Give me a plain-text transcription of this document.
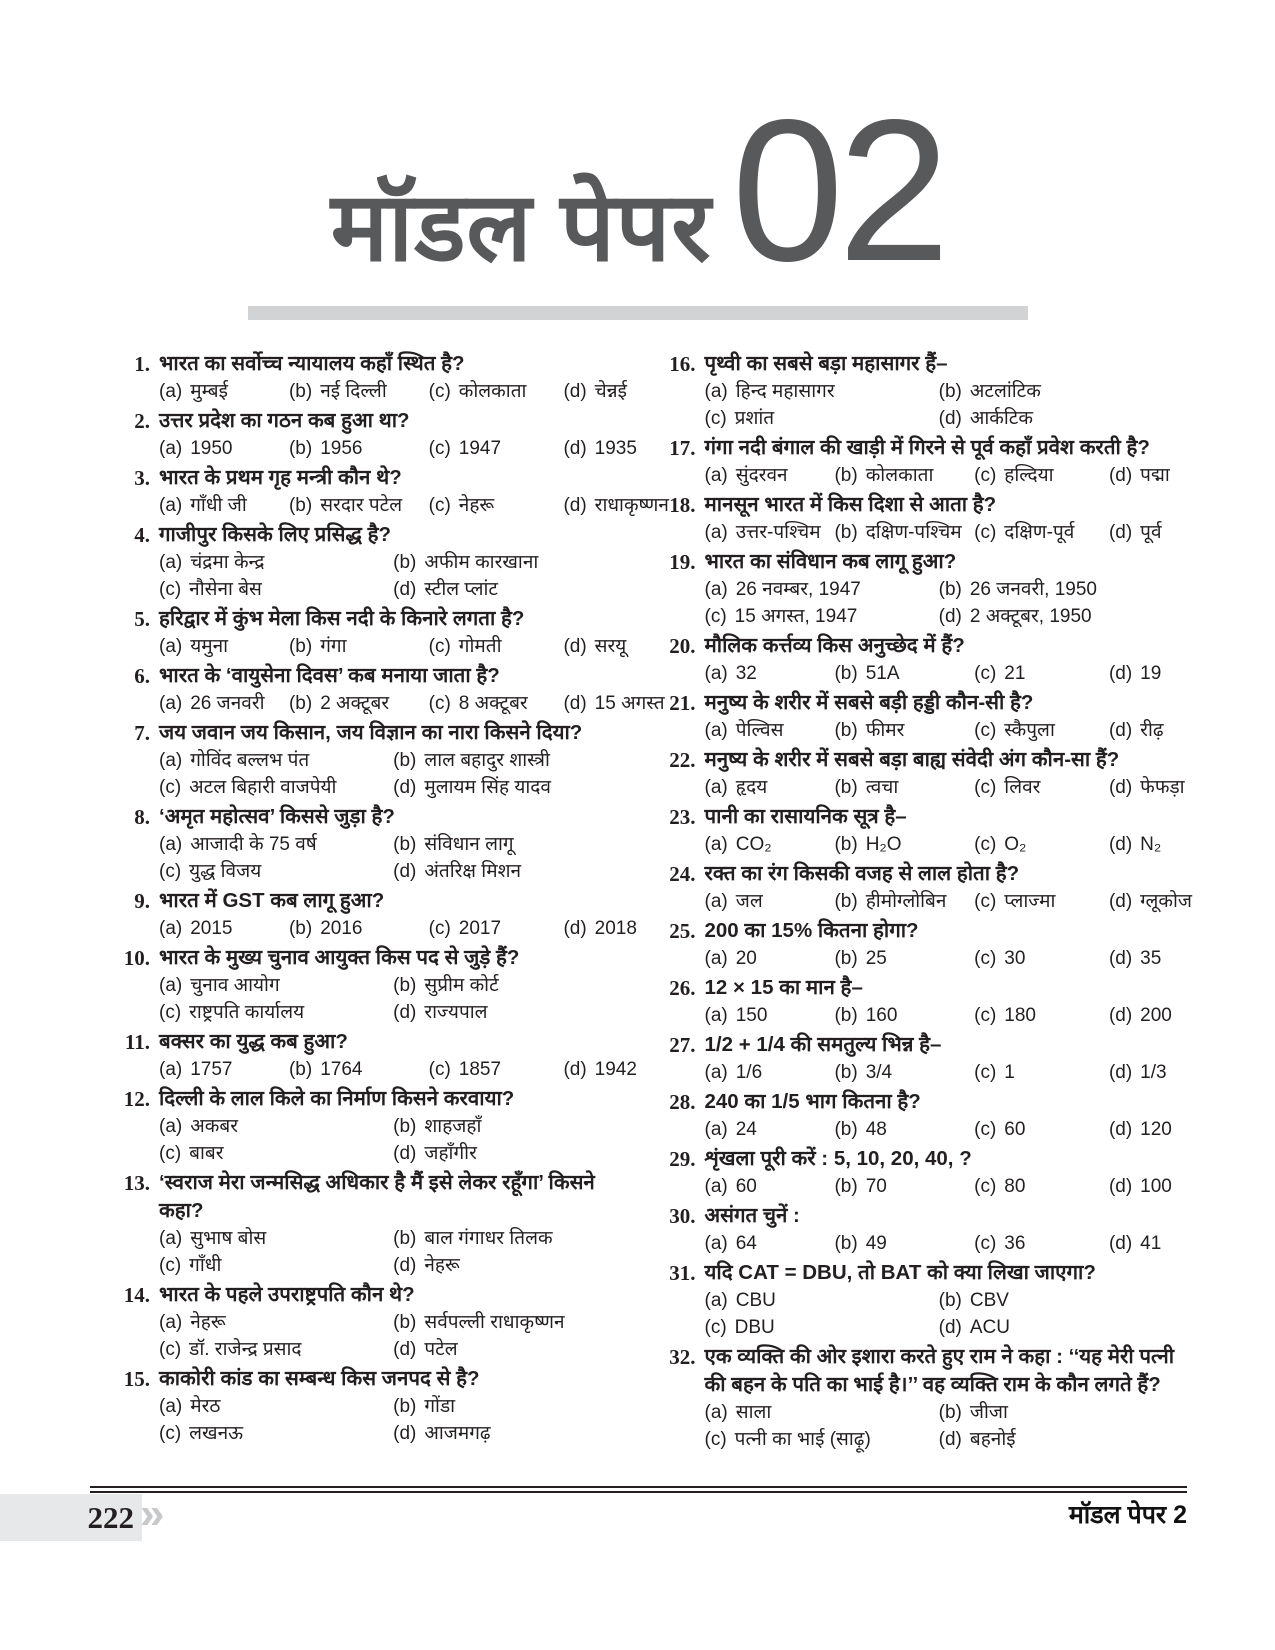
मॉडल पेपर 02
1. भारत का सर्वोच्च न्यायालय कहाँ स्थित है?
(a) मुम्बई	(b) नई दिल्ली (c) कोलकाता (d) चेन्नई
2. उत्तर प्रदेश का गठन कब हुआ था?
(a) 1950	(b) 1956	(c) 1947	(d) 1935
3. भारत के प्रथम गृह मन्त्री कौन थे?
(a) गाँधी जी (b) सरदार पटेल (c) नेहरू	(d) राधाकृष्णन
4. गाजीपुर किसके लिए प्रसिद्ध है?
(a) चंद्रमा केन्द्र	(b) अफीम कारखाना
(c) नौसेना बेस	(d) स्टील प्लांट
5. हरिद्वार में कुंभ मेला किस नदी के किनारे लगता है?
(a) यमुना	(b) गंगा	(c) गोमती	(d) सरयू
6. भारत के ‘वायुसेना दिवस’ कब मनाया जाता है?
(a) 26 जनवरी (b) 2 अक्टूबर (c) 8 अक्टूबर (d) 15 अगस्त
7. जय जवान जय किसान, जय विज्ञान का नारा किसने दिया?
(a) गोविंद बल्लभ पंत	(b) लाल बहादुर शास्त्री
(c) अटल बिहारी वाजपेयी	(d) मुलायम सिंह यादव
8. ‘अमृत महोत्सव’ किससे जुड़ा है?
(a) आजादी के 75 वर्ष	(b) संविधान लागू
(c) युद्ध विजय	(d) अंतरिक्ष मिशन
9. भारत में GST कब लागू हुआ?
(a) 2015	(b) 2016	(c) 2017	(d) 2018
10. भारत के मुख्य चुनाव आयुक्त किस पद से जुड़े हैं?
(a) चुनाव आयोग	(b) सुप्रीम कोर्ट
(c) राष्ट्रपति कार्यालय	(d) राज्यपाल
11. बक्सर का युद्ध कब हुआ?
(a) 1757	(b) 1764	(c) 1857	(d) 1942
12. दिल्ली के लाल किले का निर्माण किसने करवाया?
(a) अकबर	(b) शाहजहाँ
(c) बाबर	(d) जहाँगीर
13. ‘स्वराज मेरा जन्मसिद्ध अधिकार है मैं इसे लेकर रहूँगा’ किसने कहा?
(a) सुभाष बोस	(b) बाल गंगाधर तिलक
(c) गाँधी	(d) नेहरू
14. भारत के पहले उपराष्ट्रपति कौन थे?
(a) नेहरू	(b) सर्वपल्ली राधाकृष्णन
(c) डॉ. राजेन्द्र प्रसाद	(d) पटेल
15. काकोरी कांड का सम्बन्ध किस जनपद से है?
(a) मेरठ	(b) गोंडा
(c) लखनऊ	(d) आजमगढ़
16. पृथ्वी का सबसे बड़ा महासागर हैं–
(a) हिन्द महासागर	(b) अटलांटिक
(c) प्रशांत	(d) आर्कटिक
17. गंगा नदी बंगाल की खाड़ी में गिरने से पूर्व कहाँ प्रवेश करती है?
(a) सुंदरवन (b) कोलकाता (c) हल्दिया	(d) पद्मा
18. मानसून भारत में किस दिशा से आता है?
(a) उत्तर-पश्चिम (b) दक्षिण-पश्चिम (c) दक्षिण-पूर्व (d) पूर्व
19. भारत का संविधान कब लागू हुआ?
(a) 26 नवम्बर, 1947	(b) 26 जनवरी, 1950
(c) 15 अगस्त, 1947	(d) 2 अक्टूबर, 1950
20. मौलिक कर्त्तव्य किस अनुच्छेद में हैं?
(a) 32	(b) 51A	(c) 21	(d) 19
21. मनुष्य के शरीर में सबसे बड़ी हड्डी कौन-सी है?
(a) पेल्विस	(b) फीमर	(c) स्कैपुला	(d) रीढ़
22. मनुष्य के शरीर में सबसे बड़ा बाह्य संवेदी अंग कौन-सा हैं?
(a) हृदय	(b) त्वचा	(c) लिवर	(d) फेफड़ा
23. पानी का रासायनिक सूत्र है–
(a) CO₂	(b) H₂O	(c) O₂	(d) N₂
24. रक्त का रंग किसकी वजह से लाल होता है?
(a) जल	(b) हीमोग्लोबिन (c) प्लाज्मा	(d) ग्लूकोज
25. 200 का 15% कितना होगा?
(a) 20	(b) 25	(c) 30	(d) 35
26. 12 × 15 का मान है–
(a) 150	(b) 160	(c) 180	(d) 200
27. 1/2 + 1/4 की समतुल्य भिन्न है–
(a) 1/6	(b) 3/4	(c) 1	(d) 1/3
28. 240 का 1/5 भाग कितना है?
(a) 24	(b) 48	(c) 60	(d) 120
29. शृंखला पूरी करें : 5, 10, 20, 40, ?
(a) 60	(b) 70	(c) 80	(d) 100
30. असंगत चुनें :
(a) 64	(b) 49	(c) 36	(d) 41
31. यदि CAT = DBU, तो BAT को क्या लिखा जाएगा?
(a) CBU	(b) CBV
(c) DBU	(d) ACU
32. एक व्यक्ति की ओर इशारा करते हुए राम ने कहा : ‘‘यह मेरी पत्नी की बहन के पति का भाई है।’’ वह व्यक्ति राम के कौन लगते हैं?
(a) साला	(b) जीजा
(c) पत्नी का भाई (साढ़ू)	(d) बहनोई
222 »	मॉडल पेपर 2
